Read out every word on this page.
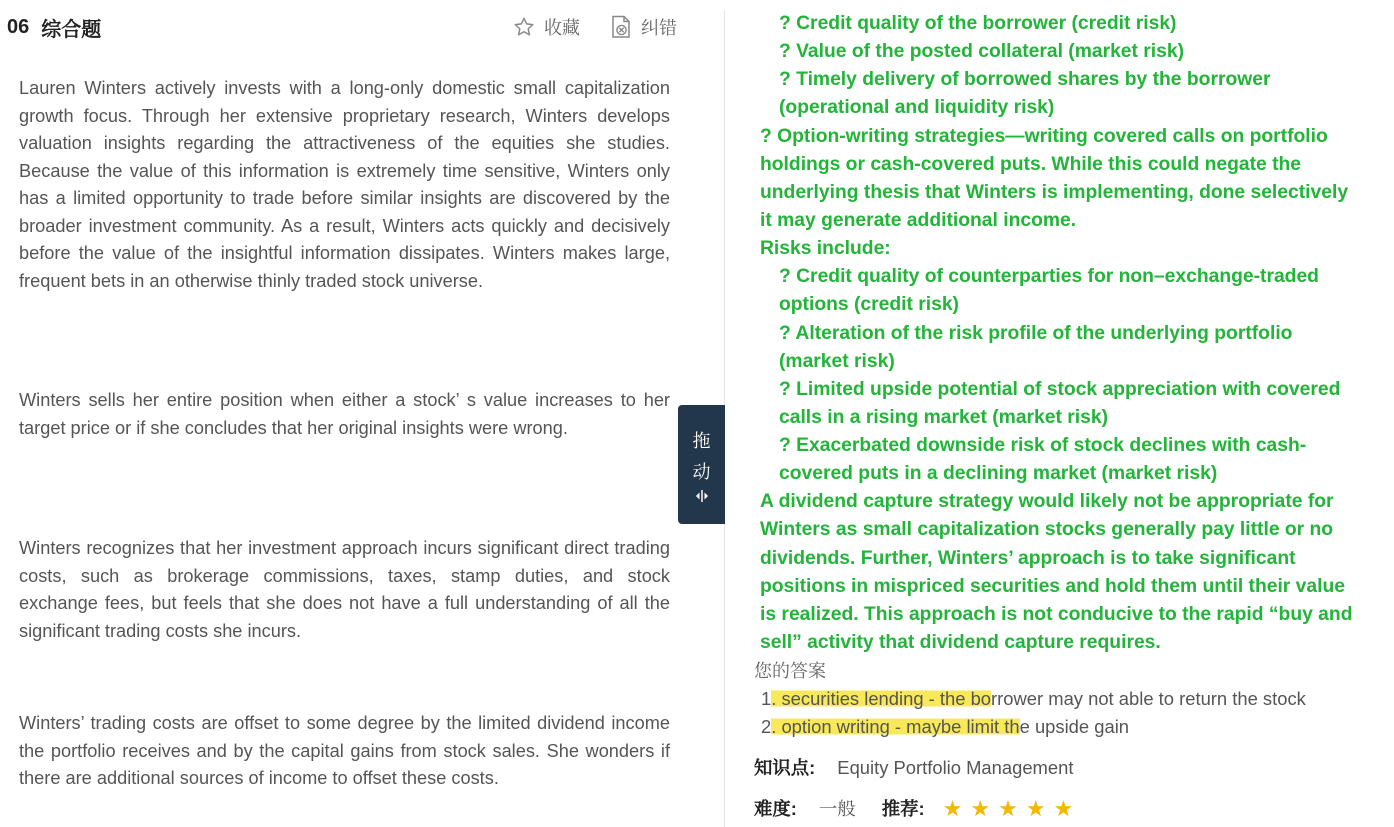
06 综合题	收藏	纠错

Lauren Winters actively invests with a long-only domestic small capitalization growth focus. Through her extensive proprietary research, Winters develops valuation insights regarding the attractiveness of the equities she studies. Because the value of this information is extremely time sensitive, Winters only has a limited opportunity to trade before similar insights are discovered by the broader investment community. As a result, Winters acts quickly and decisively before the value of the insightful information dissipates. Winters makes large, frequent bets in an otherwise thinly traded stock universe.

Winters sells her entire position when either a stock’ s value increases to her target price or if she concludes that her original insights were wrong.

Winters recognizes that her investment approach incurs significant direct trading costs, such as brokerage commissions, taxes, stamp duties, and stock exchange fees, but feels that she does not have a full understanding of all the significant trading costs she incurs.

Winters’ trading costs are offset to some degree by the limited dividend income the portfolio receives and by the capital gains from stock sales. She wonders if there are additional sources of income to offset these costs.

拖
动
? Credit quality of the borrower (credit risk)
? Value of the posted collateral (market risk)
? Timely delivery of borrowed shares by the borrower
(operational and liquidity risk)
? Option-writing strategies—writing covered calls on portfolio
holdings or cash-covered puts. While this could negate the
underlying thesis that Winters is implementing, done selectively
it may generate additional income.
Risks include:
? Credit quality of counterparties for non–exchange-traded
options (credit risk)
? Alteration of the risk profile of the underlying portfolio
(market risk)
? Limited upside potential of stock appreciation with covered
calls in a rising market (market risk)
? Exacerbated downside risk of stock declines with cash-
covered puts in a declining market (market risk)
A dividend capture strategy would likely not be appropriate for
Winters as small capitalization stocks generally pay little or no
dividends. Further, Winters’ approach is to take significant
positions in mispriced securities and hold them until their value
is realized. This approach is not conducive to the rapid “buy and
sell” activity that dividend capture requires.
您的答案
1. securities lending - the borrower may not able to return the stock
2. option writing - maybe limit the upside gain
知识点: Equity Portfolio Management
难度: 一般 推荐: ★ ★ ★ ★ ★
